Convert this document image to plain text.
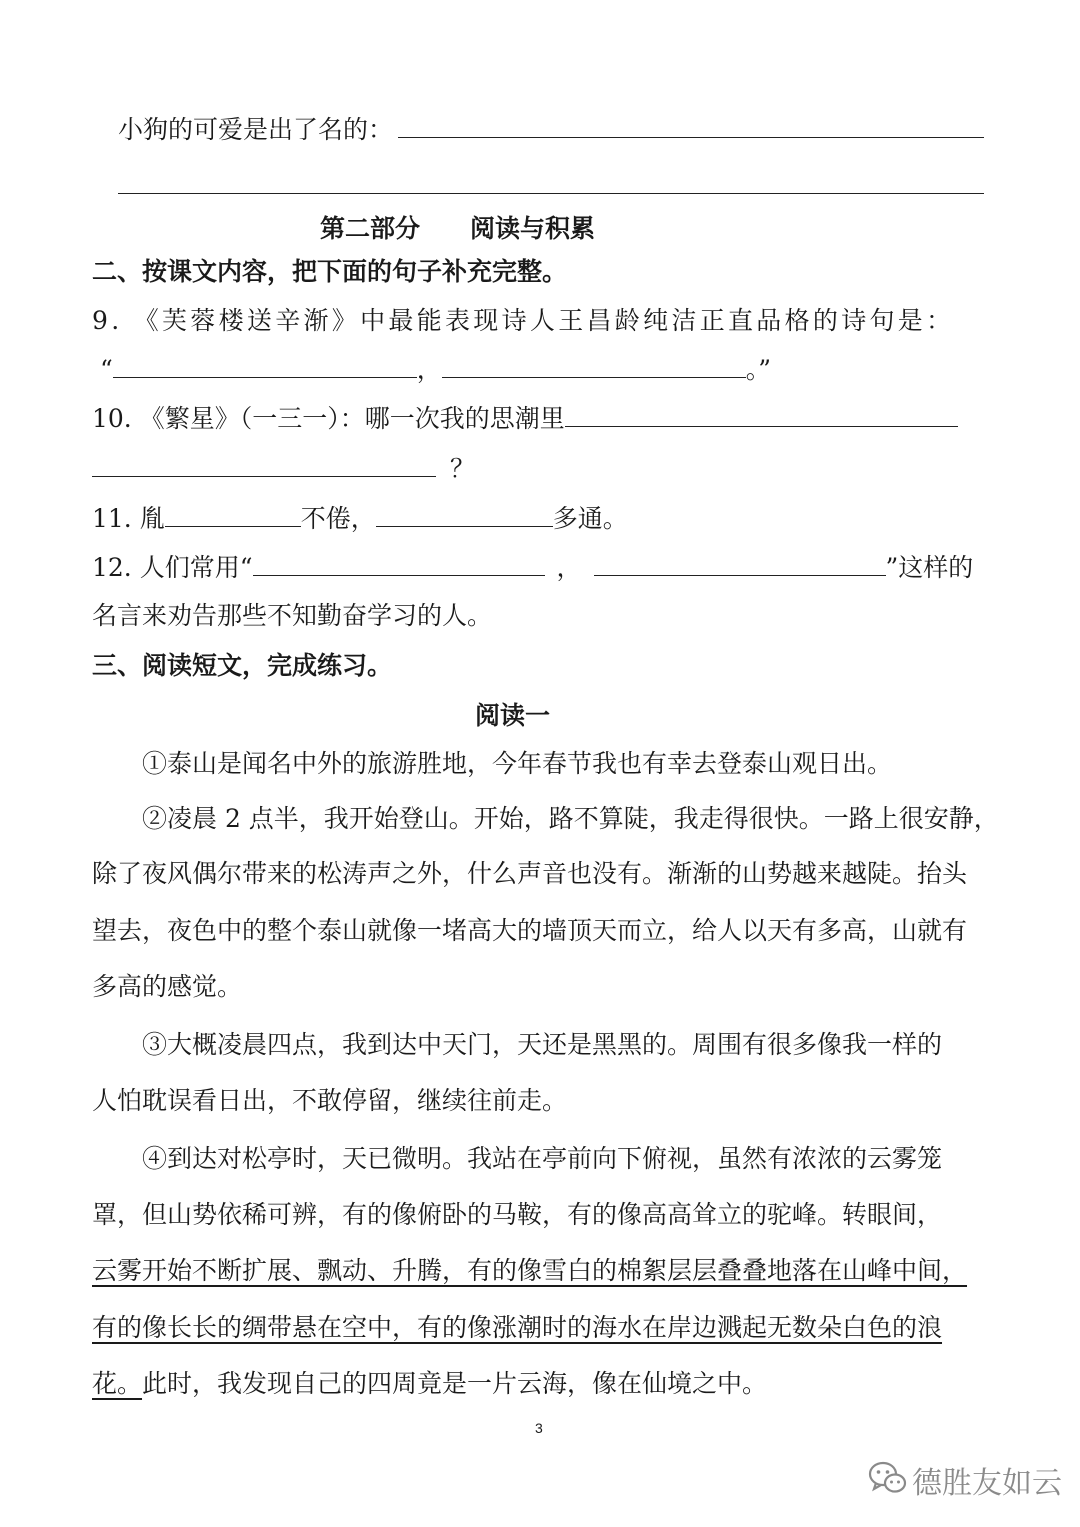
小狗的可爱是出了名的：
第二部分　　阅读与积累
二、按课文内容，把下面的句子补充完整。
9. 《芙蓉楼送辛渐》中最能表现诗人王昌龄纯洁正直品格的诗句是：
“	，	。”
10. 《繁星》（一三一）：哪一次我的思潮里
？
11. 胤	不倦，	多通。
12. 人们常用“	，	”这样的
名言来劝告那些不知勤奋学习的人。
三、阅读短文，完成练习。
阅读一
①泰山是闻名中外的旅游胜地，今年春节我也有幸去登泰山观日出。
②凌晨 2 点半，我开始登山。开始，路不算陡，我走得很快。一路上很安静，
除了夜风偶尔带来的松涛声之外，什么声音也没有。渐渐的山势越来越陡。抬头
望去，夜色中的整个泰山就像一堵高大的墙顶天而立，给人以天有多高，山就有
多高的感觉。
③大概凌晨四点，我到达中天门，天还是黑黑的。周围有很多像我一样的
人怕耽误看日出，不敢停留，继续往前走。
④到达对松亭时，天已微明。我站在亭前向下俯视，虽然有浓浓的云雾笼
罩，但山势依稀可辨，有的像俯卧的马鞍，有的像高高耸立的驼峰。转眼间，
云雾开始不断扩展、飘动、升腾，有的像雪白的棉絮层层叠叠地落在山峰中间，
有的像长长的绸带悬在空中，有的像涨潮时的海水在岸边溅起无数朵白色的浪
花。此时，我发现自己的四周竟是一片云海，像在仙境之中。
3
德胜友如云
